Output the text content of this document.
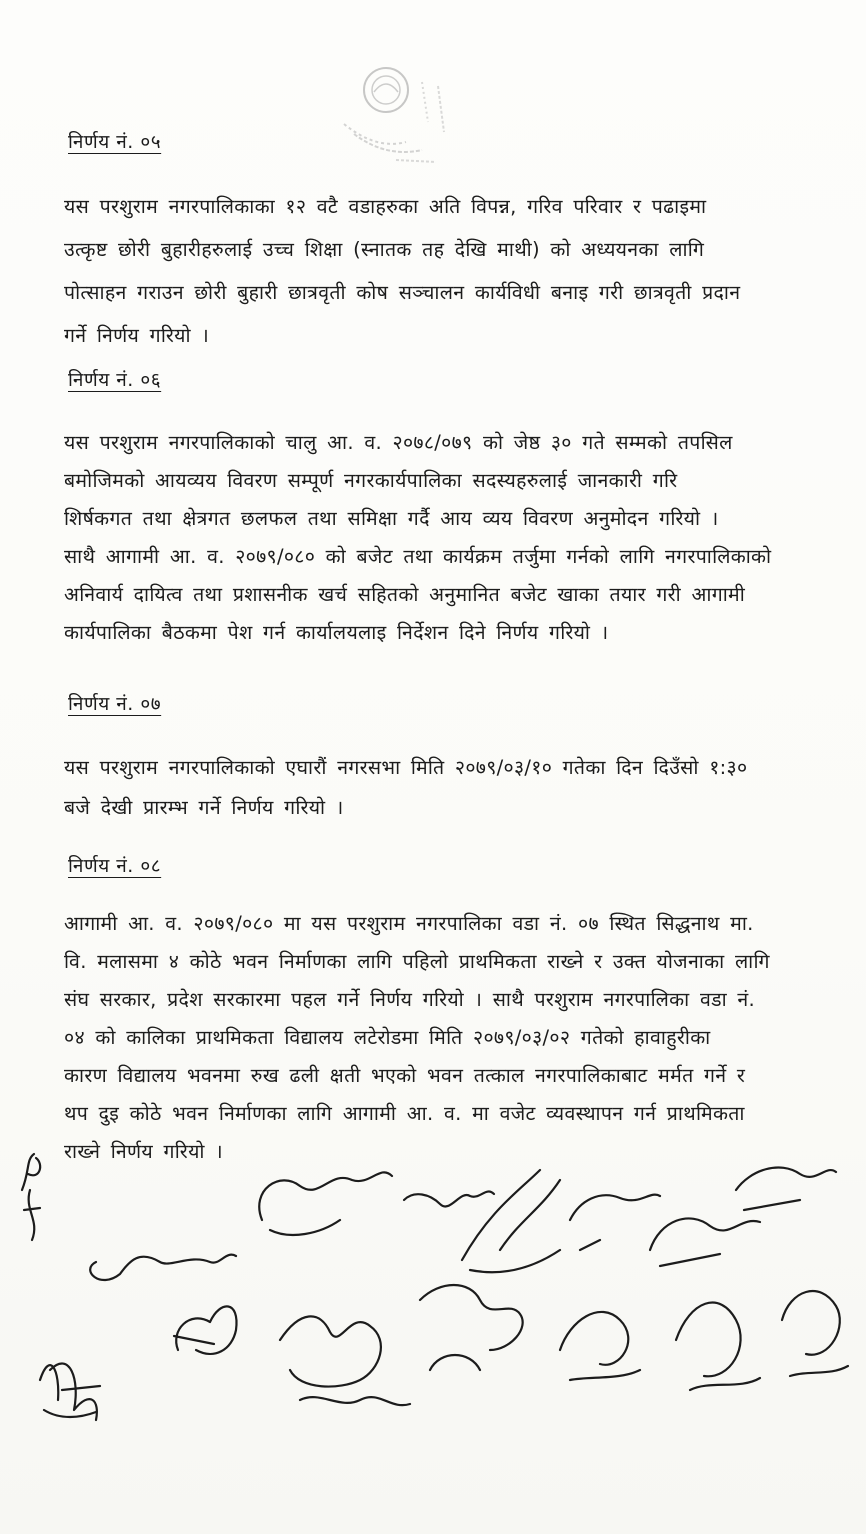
निर्णय नं. ०५
यस परशुराम नगरपालिकाका १२ वटै वडाहरुका अति विपन्न, गरिव परिवार र पढाइमा
उत्कृष्ट छोरी बुहारीहरुलाई उच्च शिक्षा (स्नातक तह देखि माथी) को अध्ययनका लागि
पोत्साहन गराउन छोरी बुहारी छात्रवृती कोष सञ्चालन कार्यविधी बनाइ गरी छात्रवृती प्रदान
गर्ने निर्णय गरियो ।
निर्णय नं. ०६
यस परशुराम नगरपालिकाको चालु आ. व. २०७८/०७९ को जेष्ठ ३० गते सम्मको तपसिल
बमोजिमको आयव्यय विवरण सम्पूर्ण नगरकार्यपालिका सदस्यहरुलाई जानकारी गरि
शिर्षकगत तथा क्षेत्रगत छलफल तथा समिक्षा गर्दै आय व्यय विवरण अनुमोदन गरियो ।
साथै आगामी आ. व. २०७९/०८० को बजेट तथा कार्यक्रम तर्जुमा गर्नको लागि नगरपालिकाको
अनिवार्य दायित्व तथा प्रशासनीक खर्च सहितको अनुमानित बजेट खाका तयार गरी आगामी
कार्यपालिका बैठकमा पेश गर्न कार्यालयलाइ निर्देशन दिने निर्णय गरियो ।
निर्णय नं. ०७
यस परशुराम नगरपालिकाको एघारौं नगरसभा मिति २०७९/०३/१० गतेका दिन दिउँसो १:३०
बजे देखी प्रारम्भ गर्ने निर्णय गरियो ।
निर्णय नं. ०८
आगामी आ. व. २०७९/०८० मा यस परशुराम नगरपालिका वडा नं. ०७ स्थित सिद्धनाथ मा.
वि. मलासमा ४ कोठे भवन निर्माणका लागि पहिलो प्राथमिकता राख्ने र उक्त योजनाका लागि
संघ सरकार, प्रदेश सरकारमा पहल गर्ने निर्णय गरियो । साथै परशुराम नगरपालिका वडा नं.
०४ को कालिका प्राथमिकता विद्यालय लटेरोडमा मिति २०७९/०३/०२ गतेको हावाहुरीका
कारण विद्यालय भवनमा रुख ढली क्षती भएको भवन तत्काल नगरपालिकाबाट मर्मत गर्ने र
थप दुइ कोठे भवन निर्माणका लागि आगामी आ. व. मा वजेट व्यवस्थापन गर्न प्राथमिकता
राख्ने निर्णय गरियो ।
